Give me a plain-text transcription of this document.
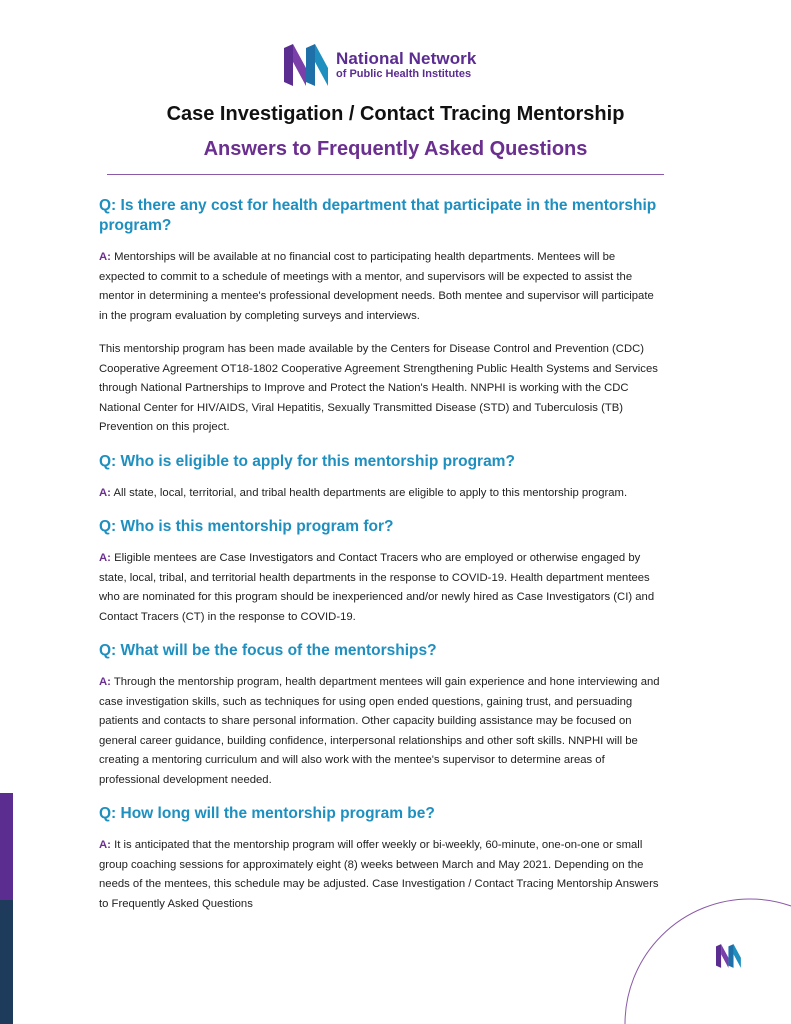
National Network
of Public Health Institutes
Case Investigation / Contact Tracing Mentorship
Answers to Frequently Asked Questions
Q: Is there any cost for health department that participate in the mentorship program?

A: Mentorships will be available at no financial cost to participating health departments. Mentees will be expected to commit to a schedule of meetings with a mentor, and supervisors will be expected to assist the mentor in determining a mentee's professional development needs. Both mentee and supervisor will participate in the program evaluation by completing surveys and interviews.

This mentorship program has been made available by the Centers for Disease Control and Prevention (CDC) Cooperative Agreement OT18-1802 Cooperative Agreement Strengthening Public Health Systems and Services through National Partnerships to Improve and Protect the Nation's Health. NNPHI is working with the CDC National Center for HIV/AIDS, Viral Hepatitis, Sexually Transmitted Disease (STD) and Tuberculosis (TB) Prevention on this project.

Q: Who is eligible to apply for this mentorship program?

A: All state, local, territorial, and tribal health departments are eligible to apply to this mentorship program.

Q: Who is this mentorship program for?

A: Eligible mentees are Case Investigators and Contact Tracers who are employed or otherwise engaged by state, local, tribal, and territorial health departments in the response to COVID-19. Health department mentees who are nominated for this program should be inexperienced and/or newly hired as Case Investigators (CI) and Contact Tracers (CT) in the response to COVID-19.

Q: What will be the focus of the mentorships?

A: Through the mentorship program, health department mentees will gain experience and hone interviewing and case investigation skills, such as techniques for using open ended questions, gaining trust, and persuading patients and contacts to share personal information. Other capacity building assistance may be focused on general career guidance, building confidence, interpersonal relationships and other soft skills. NNPHI will be creating a mentoring curriculum and will also work with the mentee's supervisor to determine areas of professional development needed.

Q: How long will the mentorship program be?

A: It is anticipated that the mentorship program will offer weekly or bi-weekly, 60-minute, one-on-one or small group coaching sessions for approximately eight (8) weeks between March and May 2021. Depending on the needs of the mentees, this schedule may be adjusted. Case Investigation / Contact Tracing Mentorship Answers to Frequently Asked Questions
